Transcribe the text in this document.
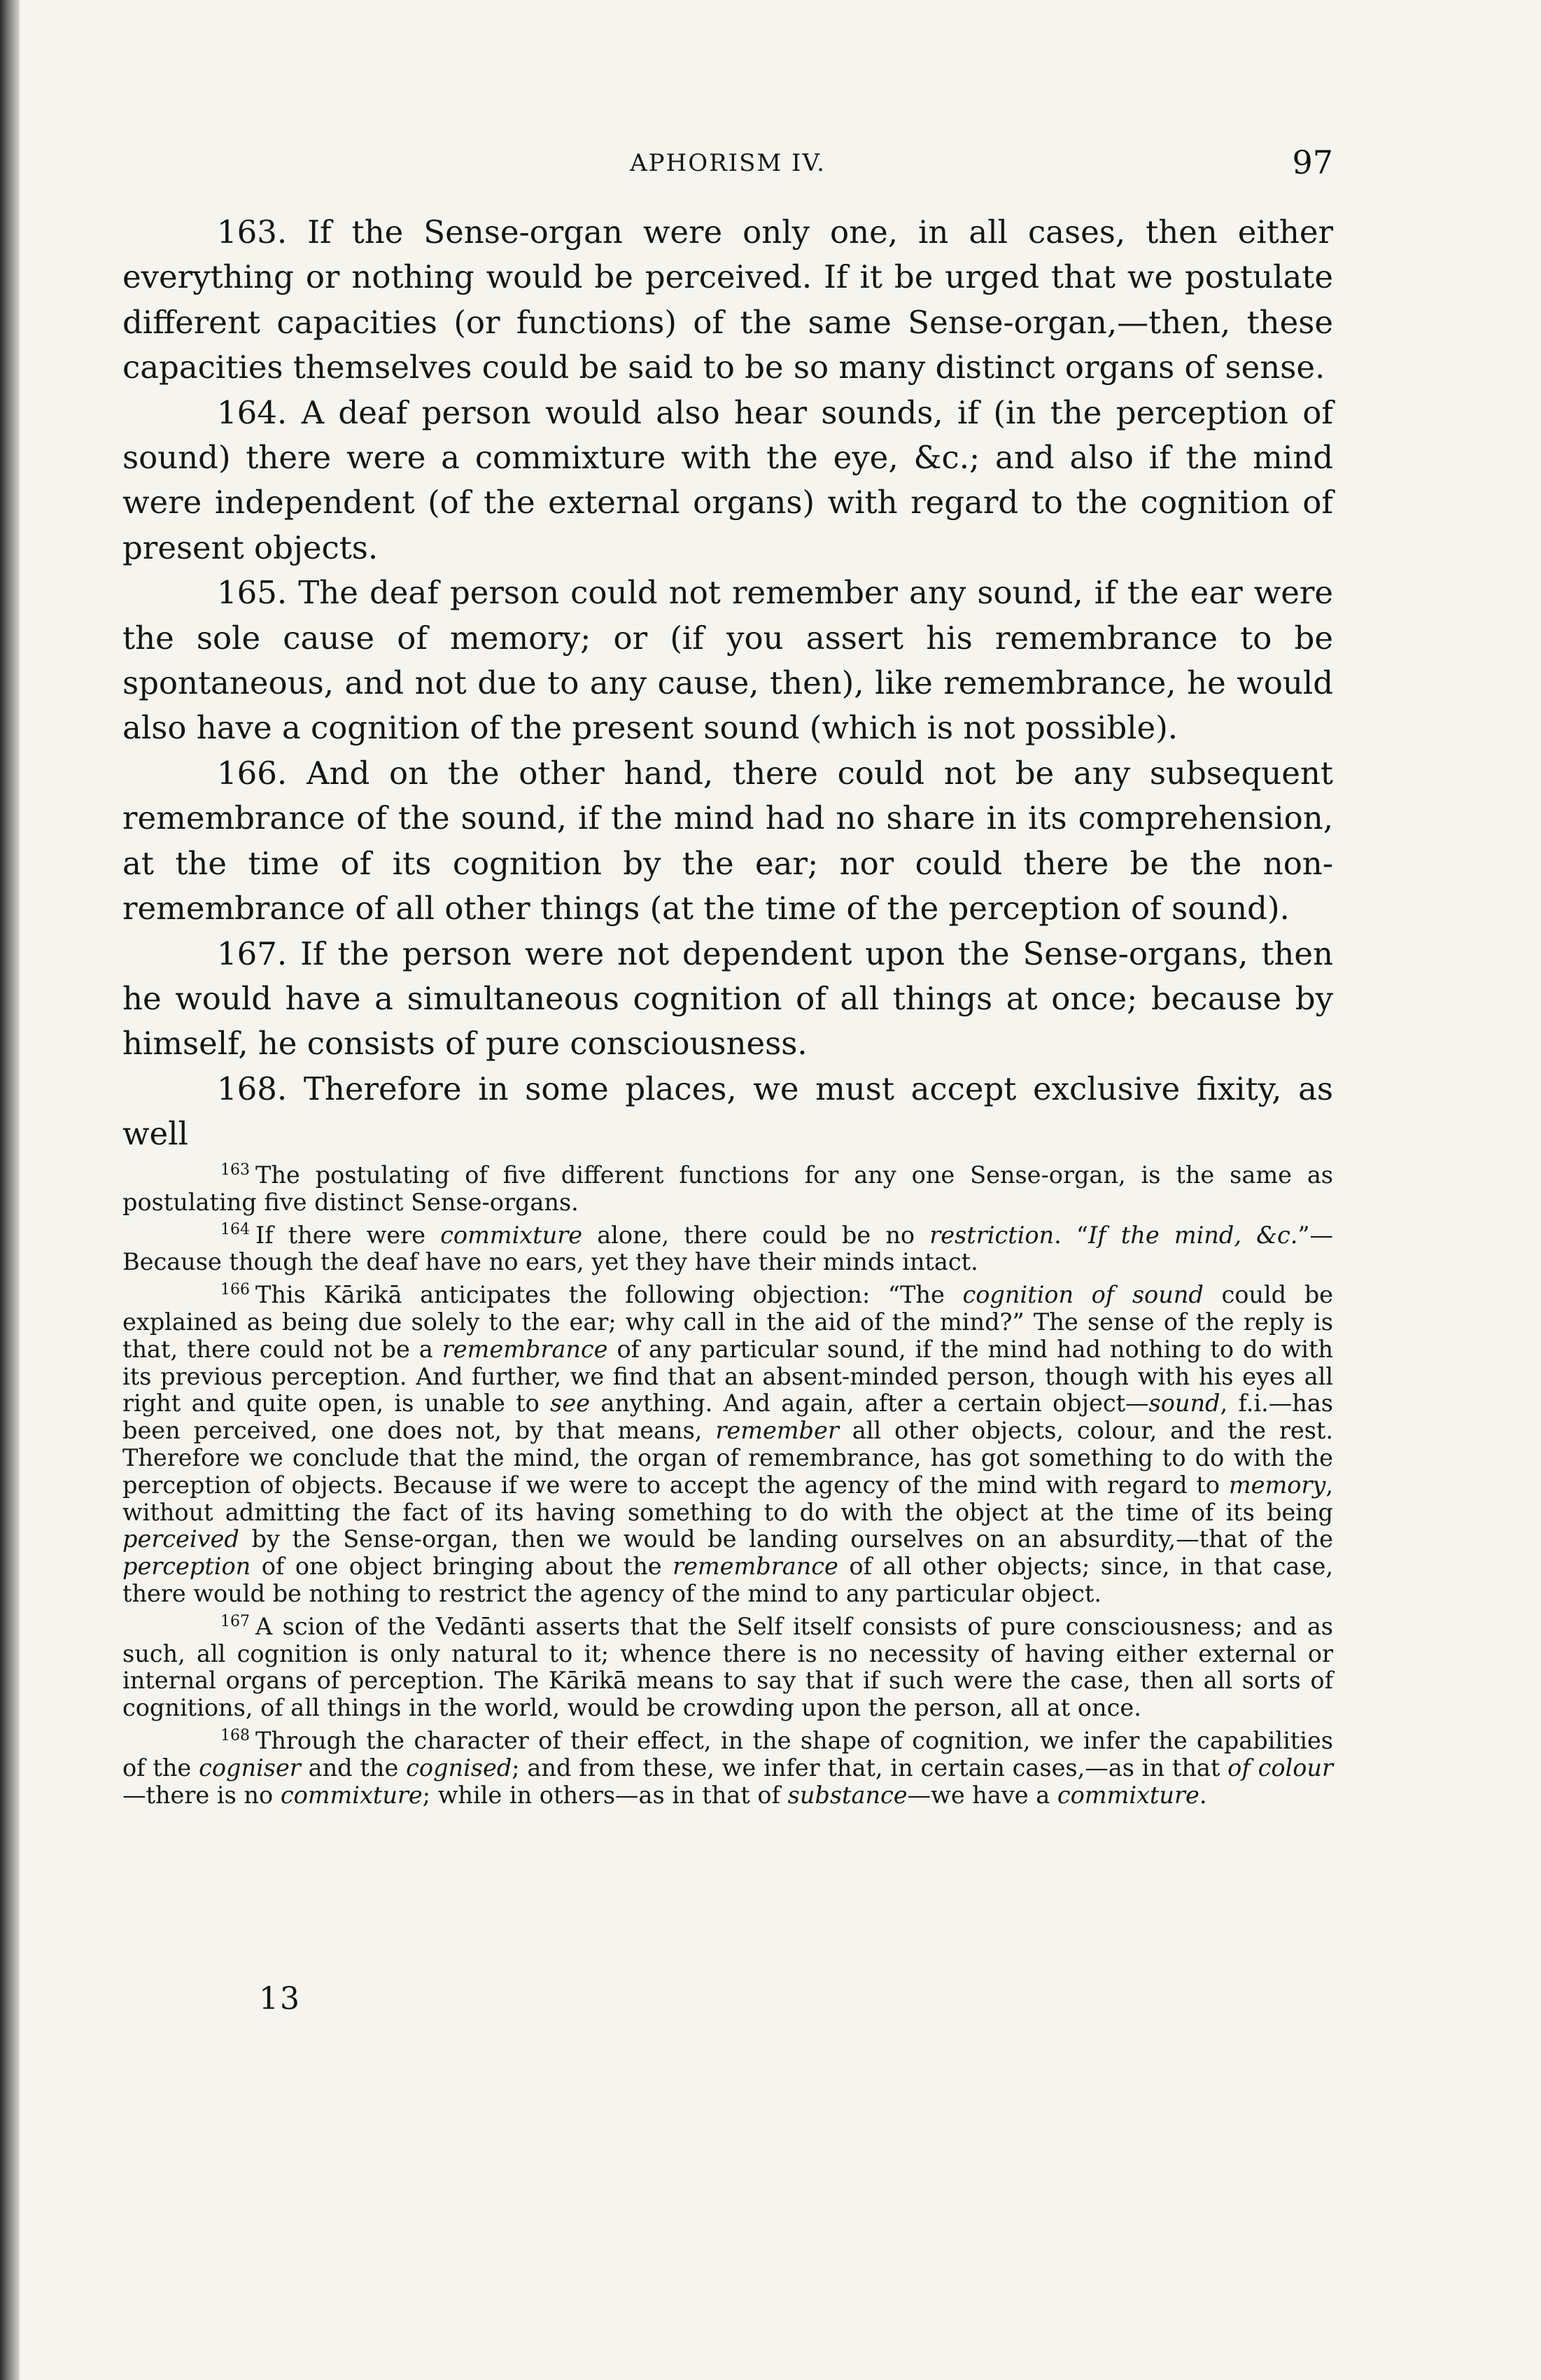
APHORISM IV.	97

163. If the Sense-organ were only one, in all cases, then either everything or nothing would be perceived. If it be urged that we postulate different capacities (or functions) of the same Sense-organ,—then, these capacities themselves could be said to be so many distinct organs of sense.

164. A deaf person would also hear sounds, if (in the perception of sound) there were a commixture with the eye, &c.; and also if the mind were independent (of the external organs) with regard to the cognition of present objects.

165. The deaf person could not remember any sound, if the ear were the sole cause of memory; or (if you assert his remembrance to be spontaneous, and not due to any cause, then), like remembrance, he would also have a cognition of the present sound (which is not possible).

166. And on the other hand, there could not be any subsequent remembrance of the sound, if the mind had no share in its comprehension, at the time of its cognition by the ear; nor could there be the non-remembrance of all other things (at the time of the perception of sound).

167. If the person were not dependent upon the Sense-organs, then he would have a simultaneous cognition of all things at once; because by himself, he consists of pure consciousness.

168. Therefore in some places, we must accept exclusive fixity, as well

$^{163}$ The postulating of five different functions for any one Sense-organ, is the same as postulating five distinct Sense-organs.

$^{164}$ If there were commixture alone, there could be no restriction. “If the mind, &c.”—Because though the deaf have no ears, yet they have their minds intact.

$^{166}$ This Kārikā anticipates the following objection: “The cognition of sound could be explained as being due solely to the ear; why call in the aid of the mind?” The sense of the reply is that, there could not be a remembrance of any particular sound, if the mind had nothing to do with its previous perception. And further, we find that an absent-minded person, though with his eyes all right and quite open, is unable to see anything. And again, after a certain object—sound, f.i.—has been perceived, one does not, by that means, remember all other objects, colour, and the rest. Therefore we conclude that the mind, the organ of remembrance, has got something to do with the perception of objects. Because if we were to accept the agency of the mind with regard to memory, without admitting the fact of its having something to do with the object at the time of its being perceived by the Sense-organ, then we would be landing ourselves on an absurdity,—that of the perception of one object bringing about the remembrance of all other objects; since, in that case, there would be nothing to restrict the agency of the mind to any particular object.

$^{167}$ A scion of the Vedānti asserts that the Self itself consists of pure consciousness; and as such, all cognition is only natural to it; whence there is no necessity of having either external or internal organs of perception. The Kārikā means to say that if such were the case, then all sorts of cognitions, of all things in the world, would be crowding upon the person, all at once.

$^{168}$ Through the character of their effect, in the shape of cognition, we infer the capabilities of the cogniser and the cognised; and from these, we infer that, in certain cases,—as in that of colour—there is no commixture; while in others—as in that of substance—we have a commixture.

13
